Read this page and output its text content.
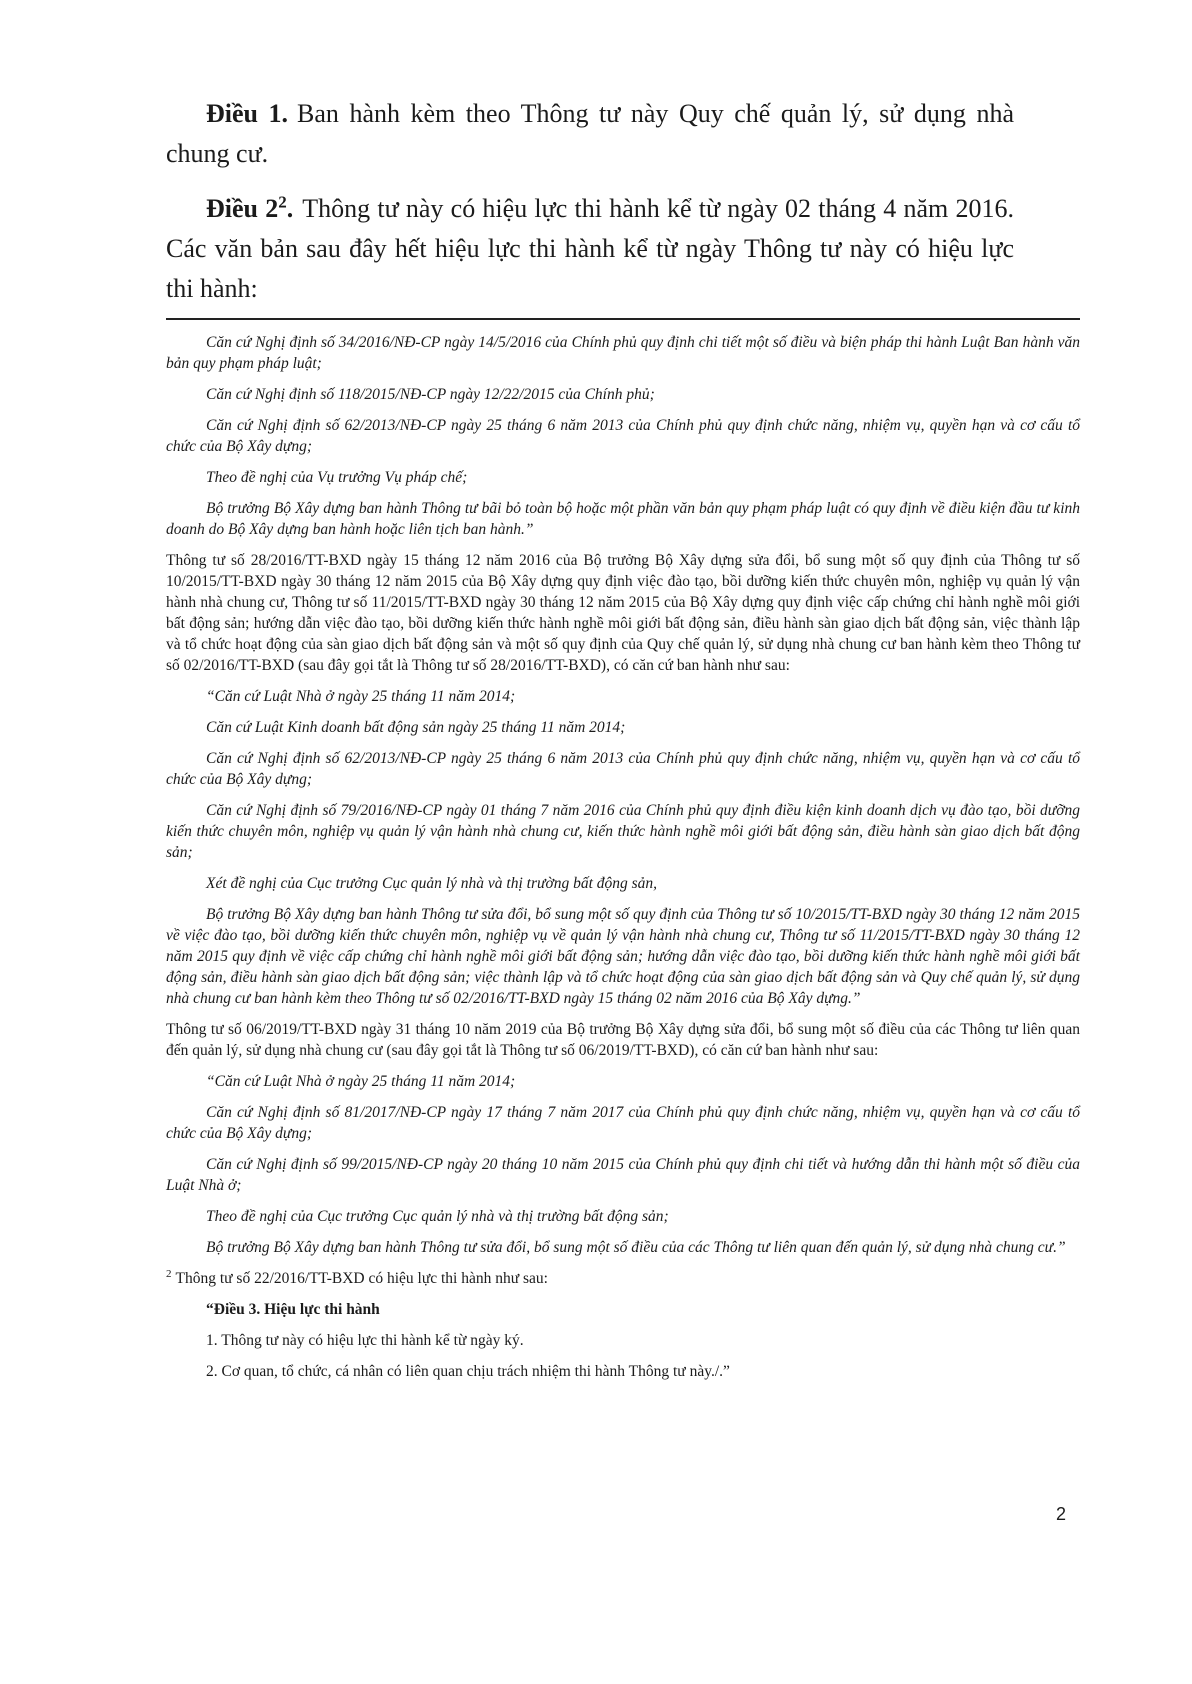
Điều 1. Ban hành kèm theo Thông tư này Quy chế quản lý, sử dụng nhà chung cư.

Điều $2^2$. Thông tư này có hiệu lực thi hành kể từ ngày 02 tháng 4 năm 2016. Các văn bản sau đây hết hiệu lực thi hành kể từ ngày Thông tư này có hiệu lực thi hành:

Căn cứ Nghị định số 34/2016/NĐ-CP ngày 14/5/2016 của Chính phủ quy định chi tiết một số điều và biện pháp thi hành Luật Ban hành văn bản quy phạm pháp luật;

Căn cứ Nghị định số 118/2015/NĐ-CP ngày 12/22/2015 của Chính phủ;

Căn cứ Nghị định số 62/2013/NĐ-CP ngày 25 tháng 6 năm 2013 của Chính phủ quy định chức năng, nhiệm vụ, quyền hạn và cơ cấu tổ chức của Bộ Xây dựng;

Theo đề nghị của Vụ trưởng Vụ pháp chế;

Bộ trưởng Bộ Xây dựng ban hành Thông tư bãi bỏ toàn bộ hoặc một phần văn bản quy phạm pháp luật có quy định về điều kiện đầu tư kinh doanh do Bộ Xây dựng ban hành hoặc liên tịch ban hành.”

Thông tư số 28/2016/TT-BXD ngày 15 tháng 12 năm 2016 của Bộ trưởng Bộ Xây dựng sửa đổi, bổ sung một số quy định của Thông tư số 10/2015/TT-BXD ngày 30 tháng 12 năm 2015 của Bộ Xây dựng quy định việc đào tạo, bồi dưỡng kiến thức chuyên môn, nghiệp vụ quản lý vận hành nhà chung cư, Thông tư số 11/2015/TT-BXD ngày 30 tháng 12 năm 2015 của Bộ Xây dựng quy định việc cấp chứng chỉ hành nghề môi giới bất động sản; hướng dẫn việc đào tạo, bồi dưỡng kiến thức hành nghề môi giới bất động sản, điều hành sàn giao dịch bất động sản, việc thành lập và tổ chức hoạt động của sàn giao dịch bất động sản và một số quy định của Quy chế quản lý, sử dụng nhà chung cư ban hành kèm theo Thông tư số 02/2016/TT-BXD (sau đây gọi tắt là Thông tư số 28/2016/TT-BXD), có căn cứ ban hành như sau:

“Căn cứ Luật Nhà ở ngày 25 tháng 11 năm 2014;

Căn cứ Luật Kinh doanh bất động sản ngày 25 tháng 11 năm 2014;

Căn cứ Nghị định số 62/2013/NĐ-CP ngày 25 tháng 6 năm 2013 của Chính phủ quy định chức năng, nhiệm vụ, quyền hạn và cơ cấu tổ chức của Bộ Xây dựng;

Căn cứ Nghị định số 79/2016/NĐ-CP ngày 01 tháng 7 năm 2016 của Chính phủ quy định điều kiện kinh doanh dịch vụ đào tạo, bồi dưỡng kiến thức chuyên môn, nghiệp vụ quản lý vận hành nhà chung cư, kiến thức hành nghề môi giới bất động sản, điều hành sàn giao dịch bất động sản;

Xét đề nghị của Cục trưởng Cục quản lý nhà và thị trường bất động sản,

Bộ trưởng Bộ Xây dựng ban hành Thông tư sửa đổi, bổ sung một số quy định của Thông tư số 10/2015/TT-BXD ngày 30 tháng 12 năm 2015 về việc đào tạo, bồi dưỡng kiến thức chuyên môn, nghiệp vụ về quản lý vận hành nhà chung cư, Thông tư số 11/2015/TT-BXD ngày 30 tháng 12 năm 2015 quy định về việc cấp chứng chỉ hành nghề môi giới bất động sản; hướng dẫn việc đào tạo, bồi dưỡng kiến thức hành nghề môi giới bất động sản, điều hành sàn giao dịch bất động sản; việc thành lập và tổ chức hoạt động của sàn giao dịch bất động sản và Quy chế quản lý, sử dụng nhà chung cư ban hành kèm theo Thông tư số 02/2016/TT-BXD ngày 15 tháng 02 năm 2016 của Bộ Xây dựng.”

Thông tư số 06/2019/TT-BXD ngày 31 tháng 10 năm 2019 của Bộ trưởng Bộ Xây dựng sửa đổi, bổ sung một số điều của các Thông tư liên quan đến quản lý, sử dụng nhà chung cư (sau đây gọi tắt là Thông tư số 06/2019/TT-BXD), có căn cứ ban hành như sau:

“Căn cứ Luật Nhà ở ngày 25 tháng 11 năm 2014;

Căn cứ Nghị định số 81/2017/NĐ-CP ngày 17 tháng 7 năm 2017 của Chính phủ quy định chức năng, nhiệm vụ, quyền hạn và cơ cấu tổ chức của Bộ Xây dựng;

Căn cứ Nghị định số 99/2015/NĐ-CP ngày 20 tháng 10 năm 2015 của Chính phủ quy định chi tiết và hướng dẫn thi hành một số điều của Luật Nhà ở;

Theo đề nghị của Cục trưởng Cục quản lý nhà và thị trường bất động sản;

Bộ trưởng Bộ Xây dựng ban hành Thông tư sửa đổi, bổ sung một số điều của các Thông tư liên quan đến quản lý, sử dụng nhà chung cư.”

$^2$ Thông tư số 22/2016/TT-BXD có hiệu lực thi hành như sau:

“Điều 3. Hiệu lực thi hành

1. Thông tư này có hiệu lực thi hành kể từ ngày ký.

2. Cơ quan, tổ chức, cá nhân có liên quan chịu trách nhiệm thi hành Thông tư này./.”

2
